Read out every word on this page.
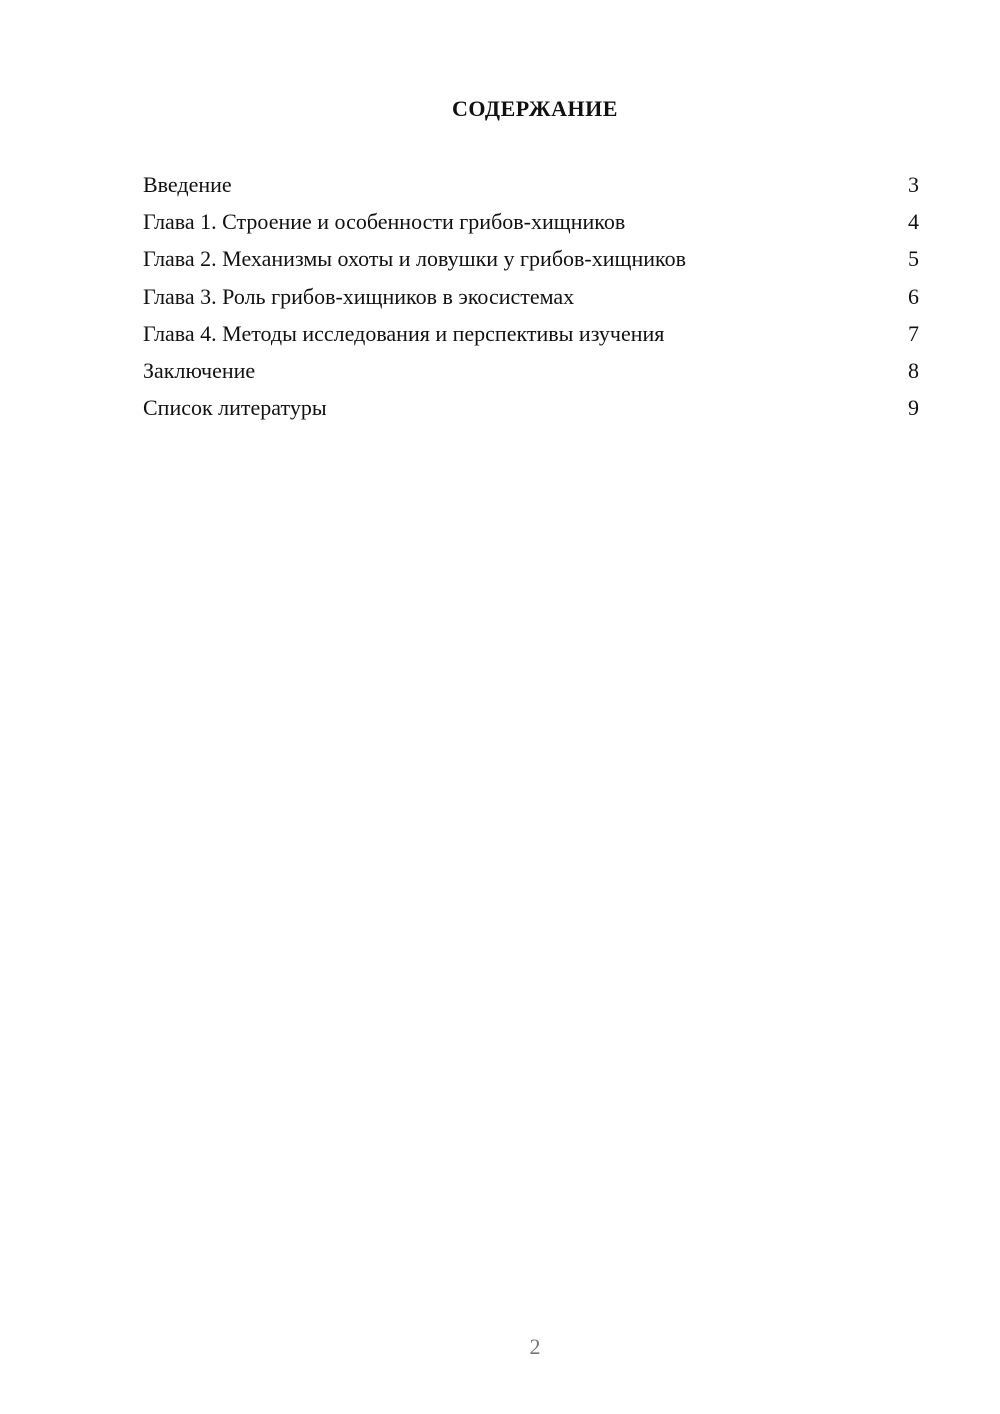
СОДЕРЖАНИЕ
Введение	3
Глава 1. Строение и особенности грибов-хищников	4
Глава 2. Механизмы охоты и ловушки у грибов-хищников	5
Глава 3. Роль грибов-хищников в экосистемах	6
Глава 4. Методы исследования и перспективы изучения	7
Заключение	8
Список литературы	9
2
